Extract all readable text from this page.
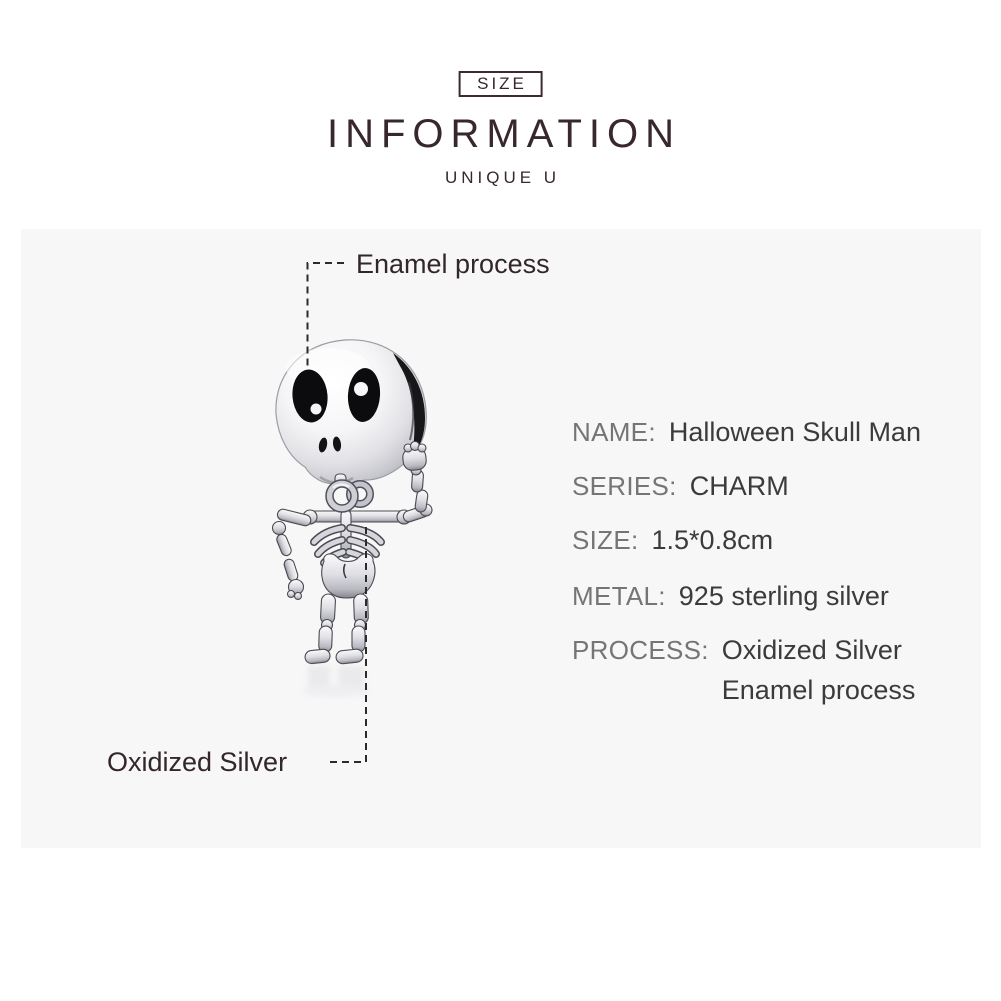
SIZE
INFORMATION
UNIQUE U
Enamel process
Oxidized Silver
NAME: Halloween Skull Man
SERIES: CHARM
SIZE: 1.5*0.8cm
METAL: 925 sterling silver
PROCESS: Oxidized Silver
Enamel process
